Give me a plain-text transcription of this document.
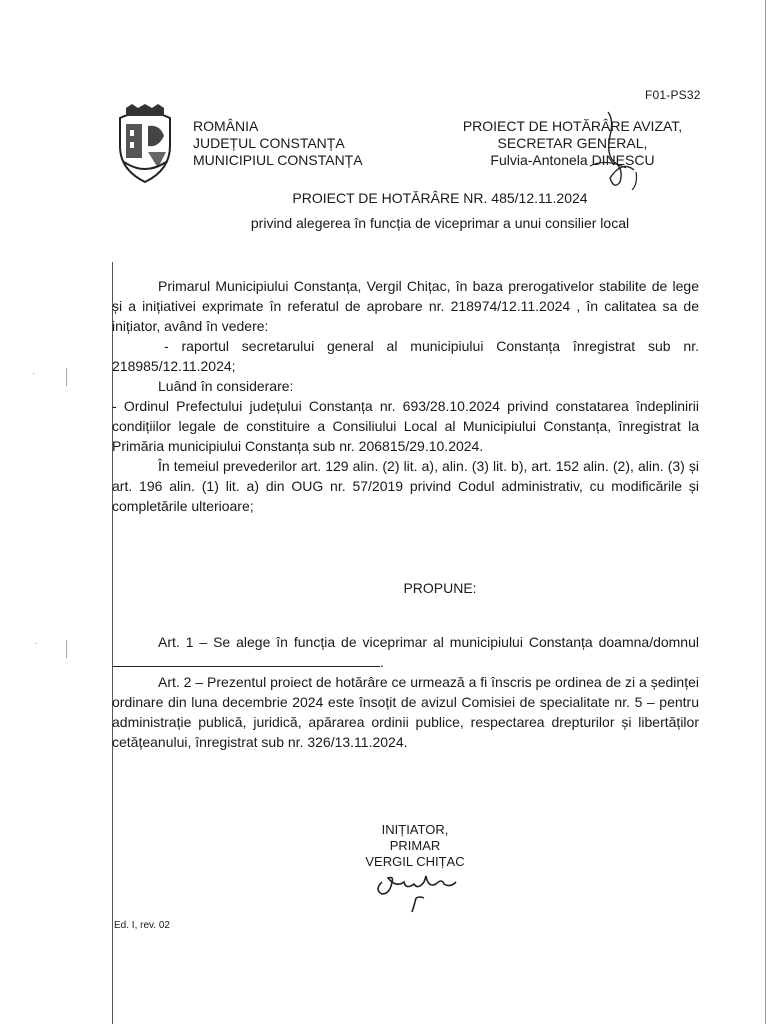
·
·
F01-PS32
ROMÂNIA
JUDEȚUL CONSTANȚA
MUNICIPIUL CONSTANȚA
PROIECT DE HOTĂRÂRE AVIZAT,
SECRETAR GENERAL,
Fulvia-Antonela DINESCU
PROIECT DE HOTĂRÂRE NR. 485/12.11.2024
privind alegerea în funcția de viceprimar a unui consilier local

Primarul Municipiului Constanța, Vergil Chițac, în baza prerogativelor stabilite de lege și a inițiativei exprimate în referatul de aprobare nr. 218974/12.11.2024 , în calitatea sa de inițiator, având în vedere:

- raportul secretarului general al municipiului Constanța înregistrat sub nr. 218985/12.11.2024;

Luând în considerare:

- Ordinul Prefectului județului Constanța nr. 693/28.10.2024 privind constatarea îndeplinirii condițiilor legale de constituire a Consiliului Local al Municipiului Constanța, înregistrat la Primăria municipiului Constanța sub nr. 206815/29.10.2024.

În temeiul prevederilor art. 129 alin. (2) lit. a), alin. (3) lit. b), art. 152 alin. (2), alin. (3) și art. 196 alin. (1) lit. a) din OUG nr. 57/2019 privind Codul administrativ, cu modificările și completările ulterioare;

PROPUNE:

Art. 1 – Se alege în funcția de viceprimar al municipiului Constanța doamna/domnul .

Art. 2 – Prezentul proiect de hotărâre ce urmează a fi înscris pe ordinea de zi a ședinței ordinare din luna decembrie 2024 este însoțit de avizul Comisiei de specialitate nr. 5 – pentru administrație publică, juridică, apărarea ordinii publice, respectarea drepturilor și libertăților cetățeanului, înregistrat sub nr. 326/13.11.2024.

INIȚIATOR,
PRIMAR
VERGIL CHIȚAC
Ed. I, rev. 02
